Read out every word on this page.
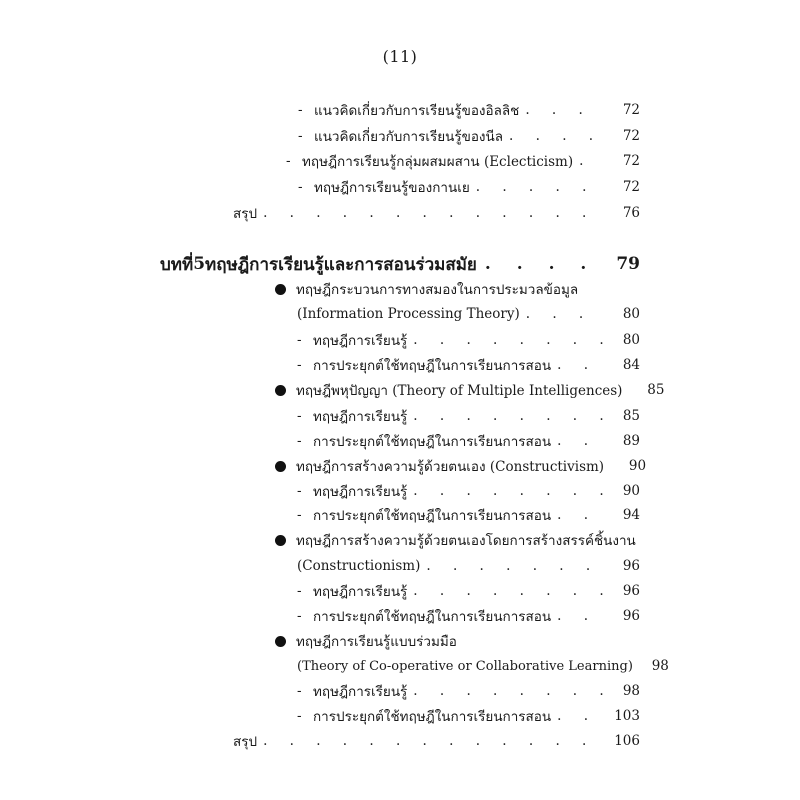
(11)
- แนวคิดเกี่ยวกับการเรียนรู้ของอิลลิช . . .	72
- แนวคิดเกี่ยวกับการเรียนรู้ของนีล . . .	72
- ทฤษฎีการเรียนรู้กลุ่มผสมผสาน (Eclecticism) . . .	72
- ทฤษฎีการเรียนรู้ของกานเย . . .	72
สรุป . . .	76
บทที่ 5 ทฤษฎีการเรียนรู้และการสอนร่วมสมัย . . .	79
ทฤษฎีกระบวนการทางสมองในการประมวลข้อมูล
(Information Processing Theory) . . .	80
- ทฤษฎีการเรียนรู้ . . .	80
- การประยุกต์ใช้ทฤษฎีในการเรียนการสอน . . .	84
ทฤษฎีพหุปัญญา (Theory of Multiple Intelligences)	85
- ทฤษฎีการเรียนรู้ . . .	85
- การประยุกต์ใช้ทฤษฎีในการเรียนการสอน . . .	89
ทฤษฎีการสร้างความรู้ด้วยตนเอง (Constructivism)	90
- ทฤษฎีการเรียนรู้ . . .	90
- การประยุกต์ใช้ทฤษฎีในการเรียนการสอน . . .	94
ทฤษฎีการสร้างความรู้ด้วยตนเองโดยการสร้างสรรค์ชิ้นงาน
(Constructionism) . . .	96
- ทฤษฎีการเรียนรู้ . . .	96
- การประยุกต์ใช้ทฤษฎีในการเรียนการสอน . . .	96
ทฤษฎีการเรียนรู้แบบร่วมมือ
(Theory of Co-operative or Collaborative Learning)	98
- ทฤษฎีการเรียนรู้ . . .	98
- การประยุกต์ใช้ทฤษฎีในการเรียนการสอน . . .	103
สรุป . . .	106
